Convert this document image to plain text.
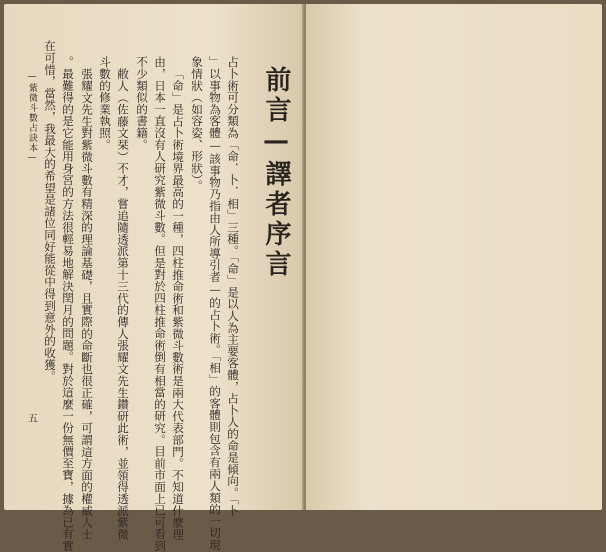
前言—譯者序言
占卜術可分類為「命．卜．相」三種。「命」是以人為主要客體，占卜人的命是傾向。「卜
」以事物為客體—該事物乃指由人所導引者—的占卜術。「相」的客體則包含有兩人類的一切現
象情狀（如容姿、形狀）。
「命」是占卜術境界最高的一種，四柱推命術和紫微斗數術是兩大代表部門。不知道什麼理
由，日本一直沒有人研究紫微斗數。但是對於四柱推命術倒有相當的研究。目前市面上已可看到
不少類似的書籍。
敝人（佐藤文栞）不才，嘗追隨透派第十三代的傳人張耀文先生鑽研此術，並領得透派紫微
斗數的修業執照。
張耀文先生對紫微斗數有精深的理論基礎，且實際的命斷也很正確，可謂這方面的權威人士
。最難得的是它能用身宮的方法很輕易地解決閏月的問題。對於這麼一份無價至寶，據為已有實
在可惜，當然，我最大的希望是諸位同好能從中得到意外的收獲。
—紫微斗數占訣本—
五
